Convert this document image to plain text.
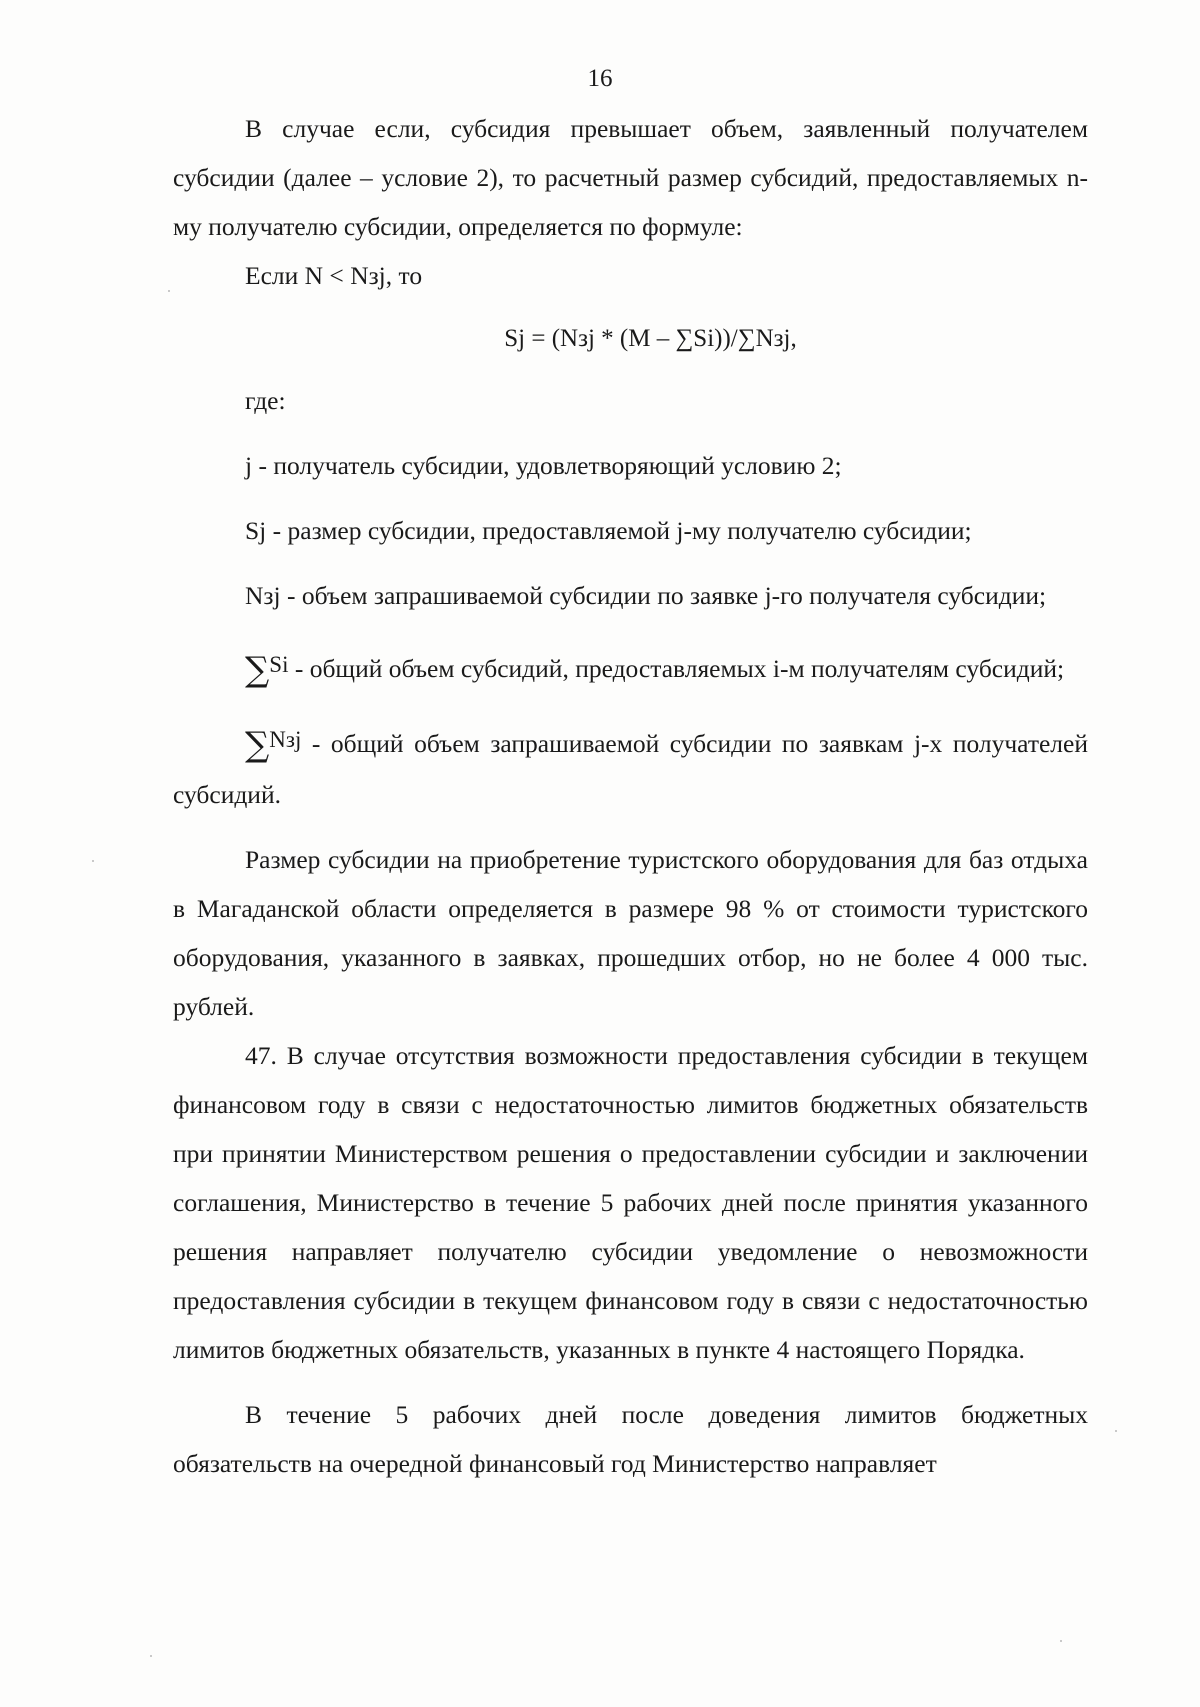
16

В случае если, субсидия превышает объем, заявленный получателем субсидии (далее – условие 2), то расчетный размер субсидий, предоставляемых n-му получателю субсидии, определяется по формуле:

Если N < Nзj, то

Sj = (Nзj * (M – ∑Si))/∑Nзj,

где:

j - получатель субсидии, удовлетворяющий условию 2;

Sj - размер субсидии, предоставляемой j-му получателю субсидии;

Nзj - объем запрашиваемой субсидии по заявке j-го получателя субсидии;

∑Si - общий объем субсидий, предоставляемых i-м получателям субсидий;

∑Nзj - общий объем запрашиваемой субсидии по заявкам j-х получателей субсидий.

Размер субсидии на приобретение туристского оборудования для баз отдыха в Магаданской области определяется в размере 98 % от стоимости туристского оборудования, указанного в заявках, прошедших отбор, но не более 4 000 тыс. рублей.

47. В случае отсутствия возможности предоставления субсидии в текущем финансовом году в связи с недостаточностью лимитов бюджетных обязательств при принятии Министерством решения о предоставлении субсидии и заключении соглашения, Министерство в течение 5 рабочих дней после принятия указанного решения направляет получателю субсидии уведомление о невозможности предоставления субсидии в текущем финансовом году в связи с недостаточностью лимитов бюджетных обязательств, указанных в пункте 4 настоящего Порядка.

В течение 5 рабочих дней после доведения лимитов бюджетных обязательств на очередной финансовый год Министерство направляет
